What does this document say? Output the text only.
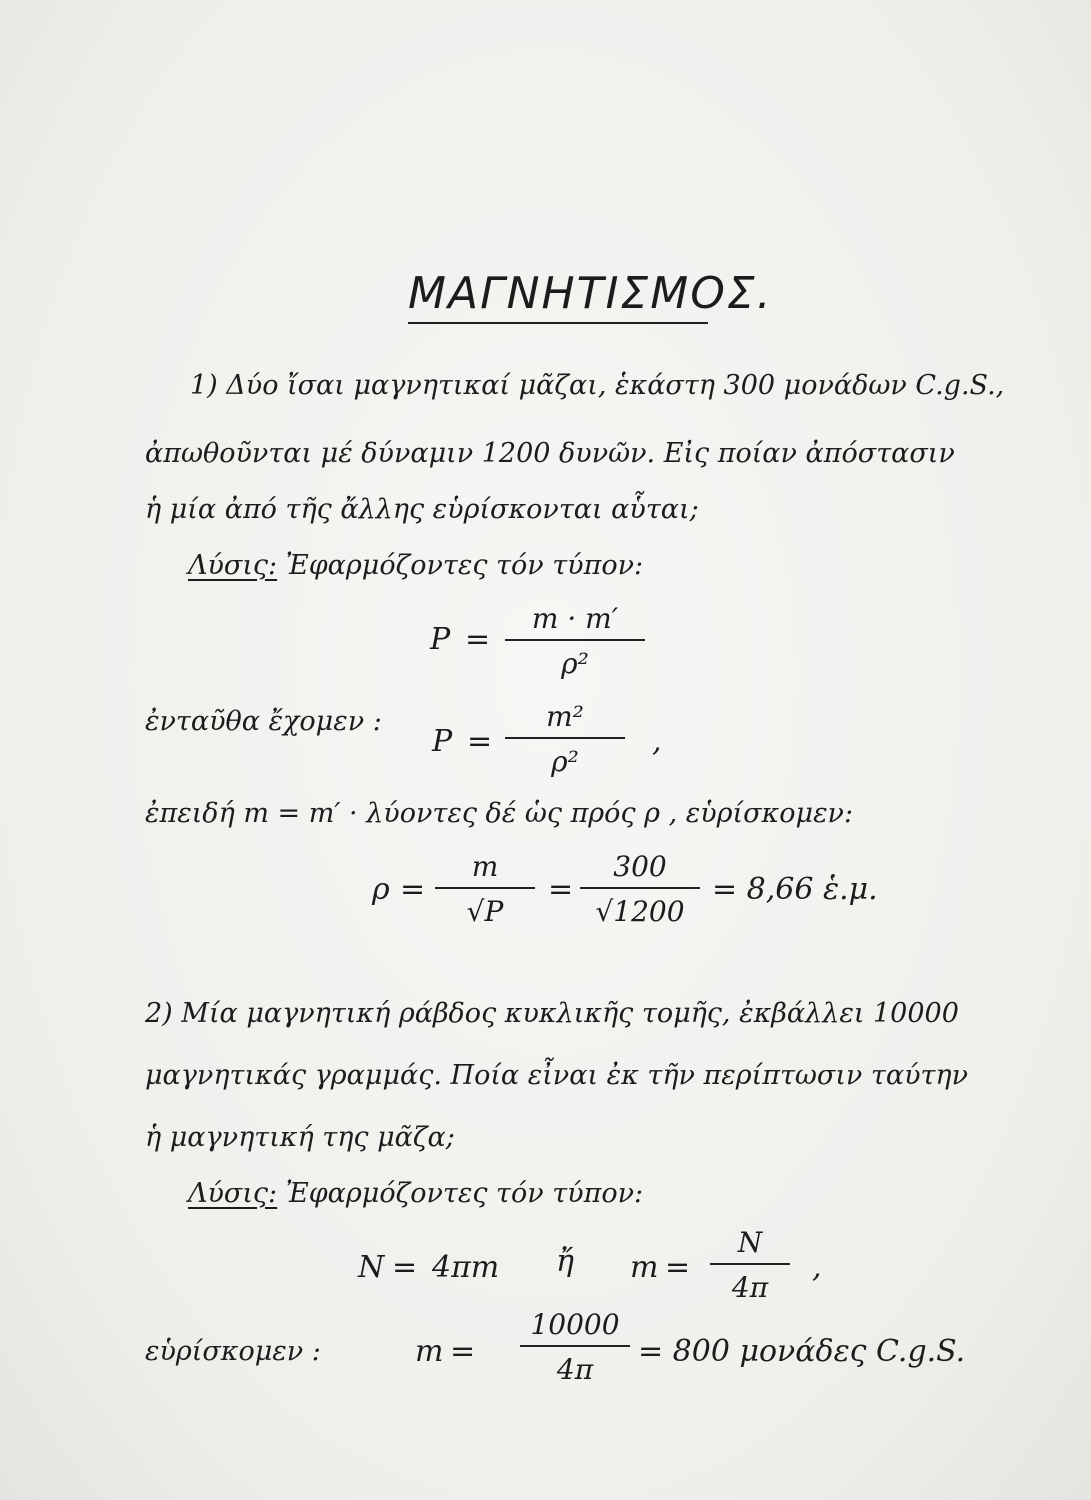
ΜΑΓΝΗΤΙΣΜΟΣ.
1) Δύο ἴσαι μαγνητικαί μᾶζαι, ἑκάστη 300 μονάδων C.g.S.,
ἀπωθοῦνται μέ δύναμιν 1200 δυνῶν. Εἰς ποίαν ἀπόστασιν
ἡ μία ἀπό τῆς ἄλλης εὑρίσκονται αὗται;
Λύσις: Ἐφαρμόζοντες τόν τύπον:
P =
m · m′
ρ²
ἐνταῦθα ἔχομεν :
P =
m²
ρ²
,
ἐπειδή m = m′ · λύοντες δέ ὡς πρός ρ , εὑρίσκομεν:
ρ =
m
√P
=
300
√1200
= 8,66 ἑ.μ.
2) Μία μαγνητική ράβδος κυκλικῆς τομῆς, ἐκβάλλει 10000
μαγνητικάς γραμμάς. Ποία εἶναι ἐκ τῆν περίπτωσιν ταύτην
ἡ μαγνητική της μᾶζα;
Λύσις: Ἐφαρμόζοντες τόν τύπον:
N = 4πm ἤ m =
N
4π
,
εὑρίσκομεν :	m =
10000
4π
= 800 μονάδες C.g.S.
